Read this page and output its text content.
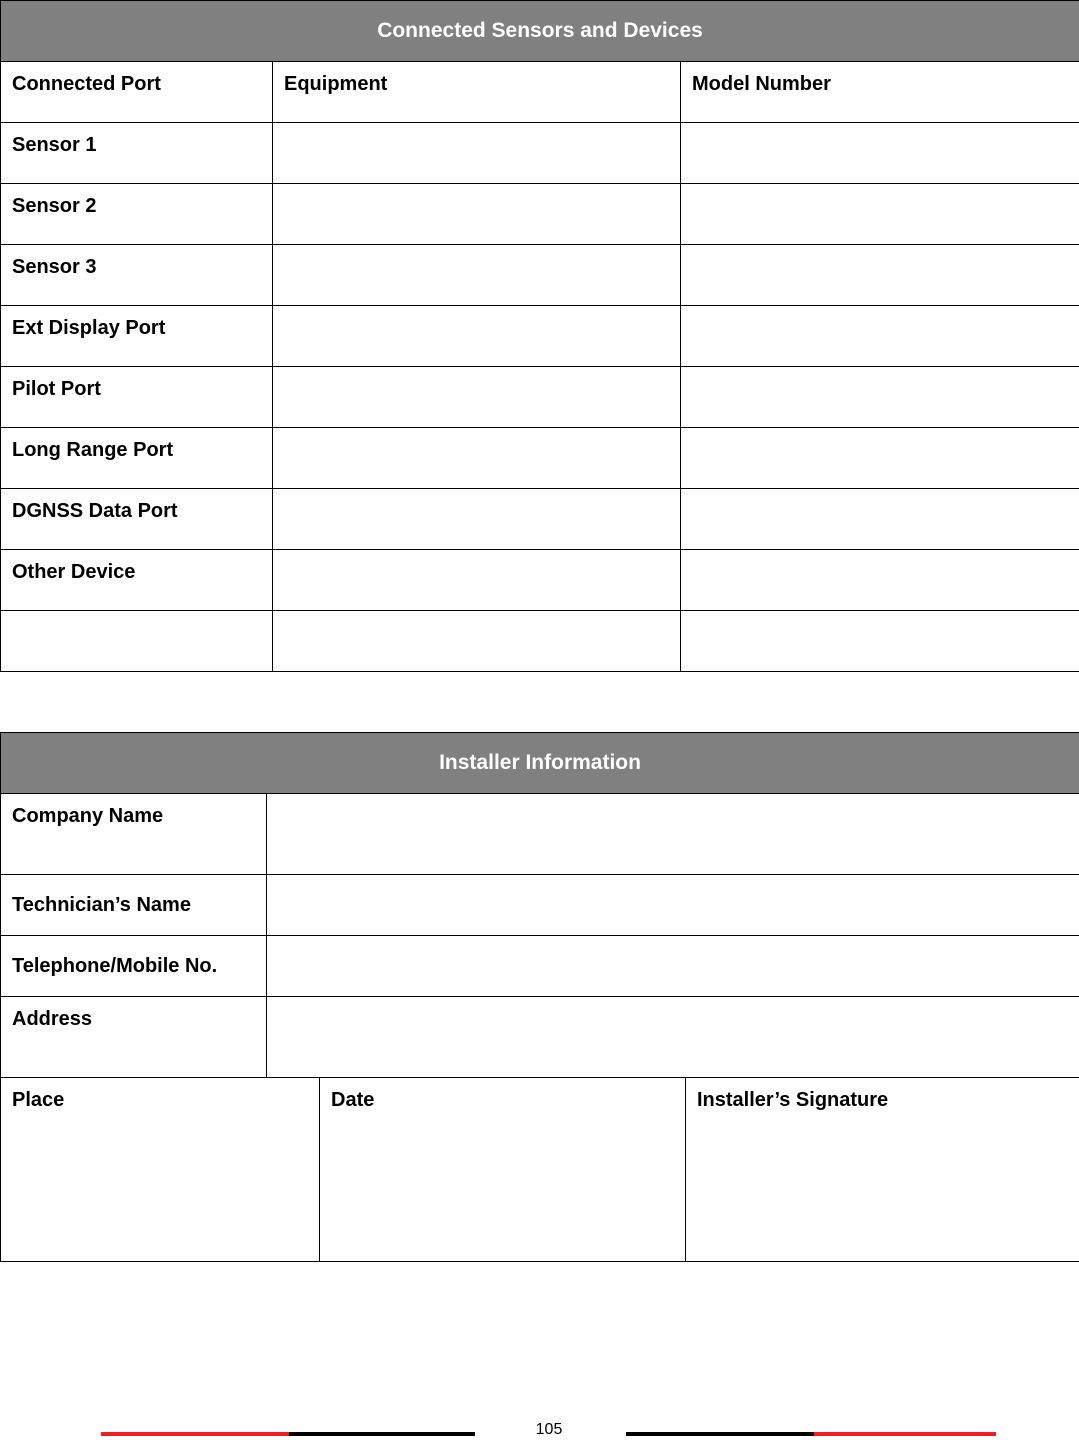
Connected Sensors and Devices		

Connected Port	Equipment	Model Number

Sensor 1		

Sensor 2		

Sensor 3		

Ext Display Port		

Pilot Port		

Long Range Port		

DGNSS Data Port		

Other Device		

Installer Information			

Company Name			

Technician’s Name			

Telephone/Mobile No.			

Address			

Place		Date	Installer’s Signature
105
